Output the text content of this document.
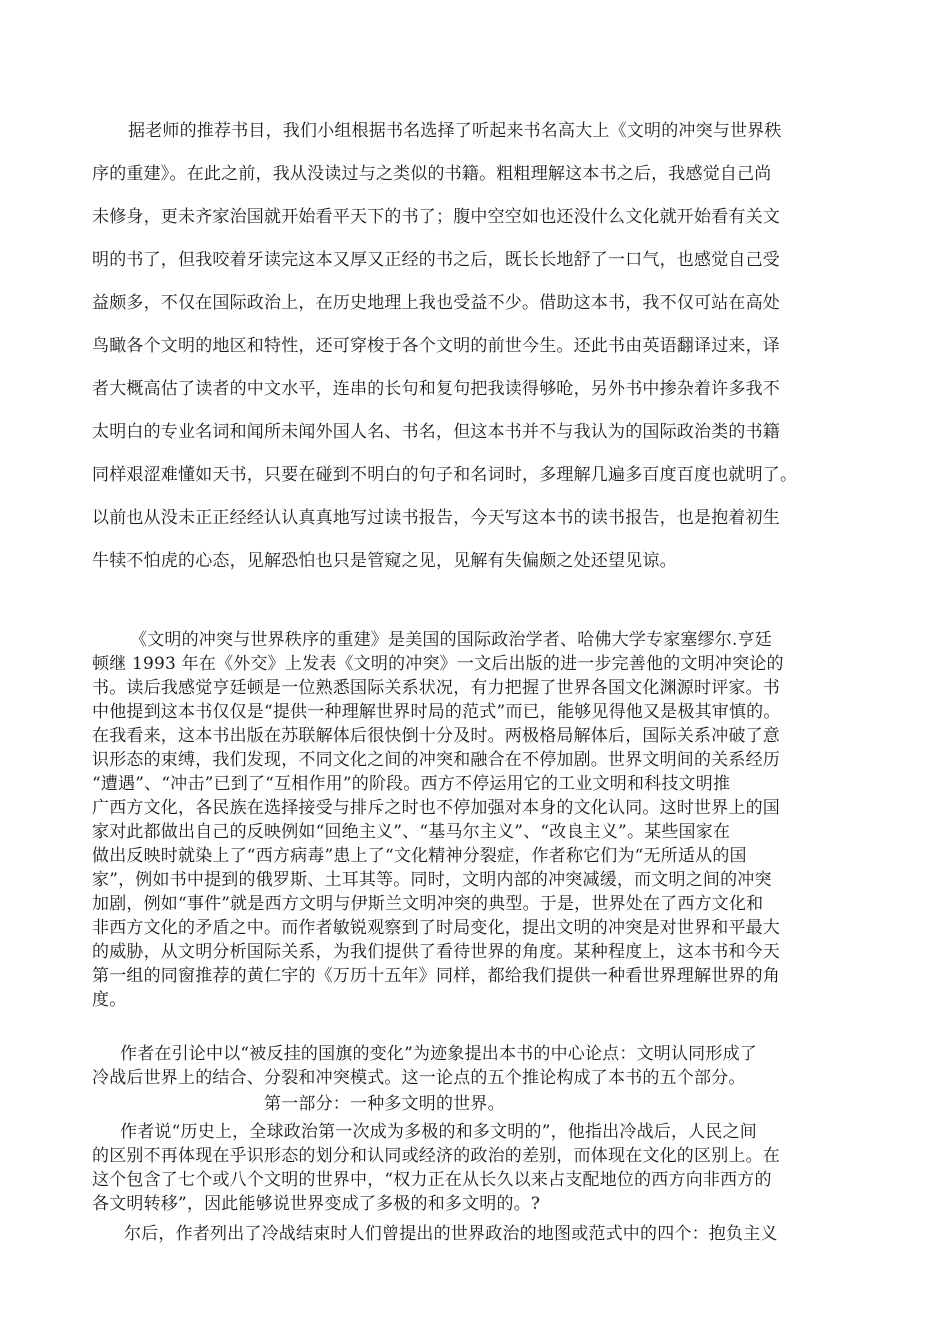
据老师的推荐书目，我们小组根据书名选择了听起来书名高大上《文明的冲突与世界秩
序的重建》。在此之前，我从没读过与之类似的书籍。粗粗理解这本书之后，我感觉自己尚
未修身，更未齐家治国就开始看平天下的书了；腹中空空如也还没什么文化就开始看有关文
明的书了，但我咬着牙读完这本又厚又正经的书之后，既长长地舒了一口气，也感觉自己受
益颇多，不仅在国际政治上，在历史地理上我也受益不少。借助这本书，我不仅可站在高处
鸟瞰各个文明的地区和特性，还可穿梭于各个文明的前世今生。还此书由英语翻译过来，译
者大概高估了读者的中文水平，连串的长句和复句把我读得够呛，另外书中掺杂着许多我不
太明白的专业名词和闻所未闻外国人名、书名，但这本书并不与我认为的国际政治类的书籍
同样艰涩难懂如天书，只要在碰到不明白的句子和名词时，多理解几遍多百度百度也就明了。
以前也从没未正正经经认认真真地写过读书报告，今天写这本书的读书报告，也是抱着初生
牛犊不怕虎的心态，见解恐怕也只是管窥之见，见解有失偏颇之处还望见谅。
《文明的冲突与世界秩序的重建》是美国的国际政治学者、哈佛大学专家塞缪尔.亨廷
顿继 1993 年在《外交》上发表《文明的冲突》一文后出版的进一步完善他的文明冲突论的
书。读后我感觉亨廷顿是一位熟悉国际关系状况，有力把握了世界各国文化渊源时评家。书
中他提到这本书仅仅是“提供一种理解世界时局的范式”而已，能够见得他又是极其审慎的。
在我看来，这本书出版在苏联解体后很快倒十分及时。两极格局解体后，国际关系冲破了意
识形态的束缚，我们发现，不同文化之间的冲突和融合在不停加剧。世界文明间的关系经历
“遭遇”、“冲击”已到了“互相作用”的阶段。西方不停运用它的工业文明和科技文明推
广西方文化，各民族在选择接受与排斥之时也不停加强对本身的文化认同。这时世界上的国
家对此都做出自己的反映例如“回绝主义”、“基马尔主义”、“改良主义”。某些国家在
做出反映时就染上了“西方病毒”患上了“文化精神分裂症，作者称它们为“无所适从的国
家”，例如书中提到的俄罗斯、土耳其等。同时，文明内部的冲突减缓，而文明之间的冲突
加剧，例如“事件”就是西方文明与伊斯兰文明冲突的典型。于是，世界处在了西方文化和
非西方文化的矛盾之中。而作者敏锐观察到了时局变化，提出文明的冲突是对世界和平最大
的威胁，从文明分析国际关系，为我们提供了看待世界的角度。某种程度上，这本书和今天
第一组的同窗推荐的黄仁宇的《万历十五年》同样，都给我们提供一种看世界理解世界的角
度。
作者在引论中以“被反挂的国旗的变化”为迹象提出本书的中心论点：文明认同形成了
冷战后世界上的结合、分裂和冲突模式。这一论点的五个推论构成了本书的五个部分。
第一部分：一种多文明的世界。
作者说“历史上，全球政治第一次成为多极的和多文明的”，他指出冷战后，人民之间
的区别不再体现在乎识形态的划分和认同或经济的政治的差别，而体现在文化的区别上。在
这个包含了七个或八个文明的世界中，“权力正在从长久以来占支配地位的西方向非西方的
各文明转移”，因此能够说世界变成了多极的和多文明的。?
尔后，作者列出了冷战结束时人们曾提出的世界政治的地图或范式中的四个：抱负主义
